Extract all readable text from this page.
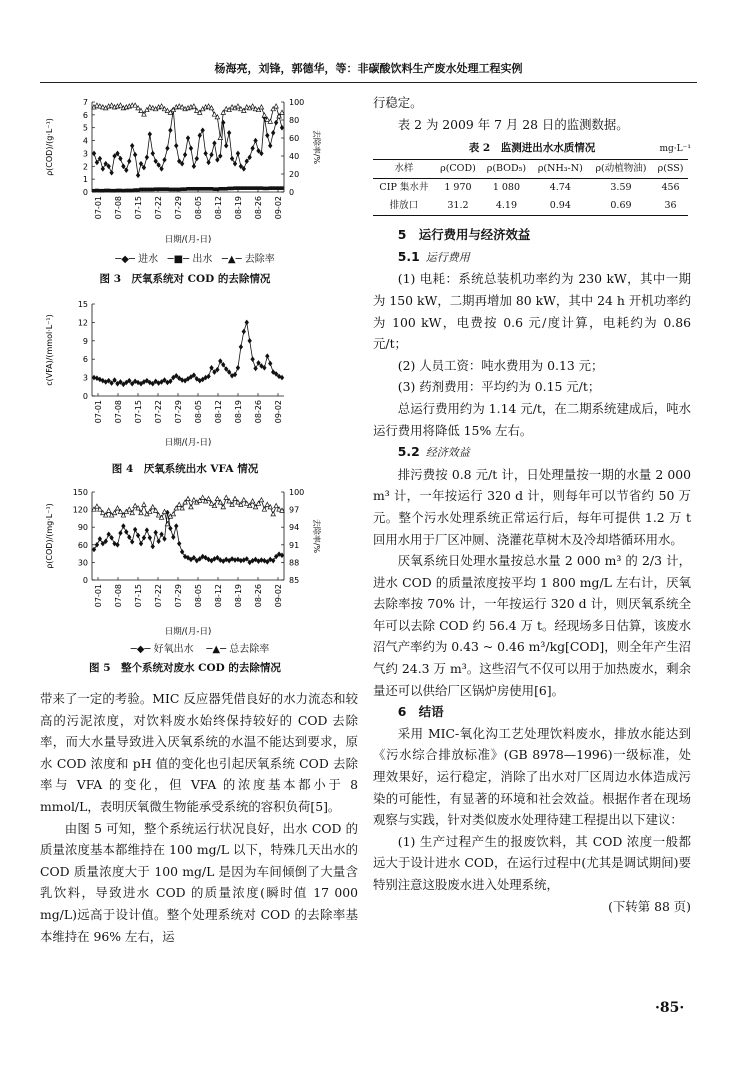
杨海亮，刘锋，郭德华，等：非碳酸饮料生产废水处理工程实例
0
1
2
3
4
5
6
7
0
20
40
60
80
100
07-01 07-08 07-15 07-22 07-29 08-05 08-12 08-19 08-26 09-02
ρ(COD)/(g·L⁻¹)	去除率/%
日期/(月-日)
─◆─ 进水 ─■─ 出水 ─▲─ 去除率
图 3　厌氧系统对 COD 的去除情况
0
3
6
9
12
15
07-01 07-08 07-15 07-22 07-29 08-05 08-12 08-19 08-26 09-02
c(VFA)/(mmol·L⁻¹)
日期/(月-日)
图 4　厌氧系统出水 VFA 情况
0
30
60
90
120
150
85
88
91
94
97
100
07-01 07-08 07-15 07-22 07-29 08-05 08-12 08-19 08-26 09-02
ρ(COD)/(mg·L⁻¹)	去除率/%
日期/(月-日)
─◆─ 好氧出水 ─▲─ 总去除率
图 5　整个系统对废水 COD 的去除情况

带来了一定的考验。MIC 反应器凭借良好的水力流态和较高的污泥浓度，对饮料废水始终保持较好的 COD 去除率，而大水量导致进入厌氧系统的水温不能达到要求，原水 COD 浓度和 pH 值的变化也引起厌氧系统 COD 去除率与 VFA 的变化，但 VFA 的浓度基本都小于 8 mmol/L，表明厌氧微生物能承受系统的容积负荷[5]。

由图 5 可知，整个系统运行状况良好，出水 COD 的质量浓度基本都维持在 100 mg/L 以下，特殊几天出水的 COD 质量浓度大于 100 mg/L 是因为车间倾倒了大量含乳饮料，导致进水 COD 的质量浓度(瞬时值 17 000 mg/L)远高于设计值。整个处理系统对 COD 的去除率基本维持在 96% 左右，运

行稳定。

表 2 为 2009 年 7 月 28 日的监测数据。

表 2　监测进出水水质情况	mg·L⁻¹
水样	ρ(COD)	ρ(BOD₅)	ρ(NH₃-N)	ρ(动植物油)	ρ(SS)
CIP 集水井	1 970	1 080	4.74	3.59	456
排放口	31.2	4.19	0.94	0.69	36

5　运行费用与经济效益

5.1 运行费用

(1) 电耗：系统总装机功率约为 230 kW，其中一期为 150 kW，二期再增加 80 kW，其中 24 h 开机功率约为 100 kW，电费按 0.6 元/度计算，电耗约为 0.86 元/t；

(2) 人员工资：吨水费用为 0.13 元；

(3) 药剂费用：平均约为 0.15 元/t；

总运行费用约为 1.14 元/t，在二期系统建成后，吨水运行费用将降低 15% 左右。

5.2 经济效益

排污费按 0.8 元/t 计，日处理量按一期的水量 2 000 m³ 计，一年按运行 320 d 计，则每年可以节省约 50 万元。整个污水处理系统正常运行后，每年可提供 1.2 万 t 回用水用于厂区冲厕、浇灌花草树木及冷却塔循环用水。

厌氧系统日处理水量按总水量 2 000 m³ 的 2/3 计，进水 COD 的质量浓度按平均 1 800 mg/L 左右计，厌氧去除率按 70% 计，一年按运行 320 d 计，则厌氧系统全年可以去除 COD 约 56.4 万 t。经现场多日估算，该废水沼气产率约为 0.43 ~ 0.46 m³/kg[COD]，则全年产生沼气约 24.3 万 m³。这些沼气不仅可以用于加热废水，剩余量还可以供给厂区锅炉房使用[6]。

6　结语

采用 MIC-氧化沟工艺处理饮料废水，排放水能达到《污水综合排放标准》(GB 8978—1996)一级标准，处理效果好，运行稳定，消除了出水对厂区周边水体造成污染的可能性，有显著的环境和社会效益。根据作者在现场观察与实践，针对类似废水处理待建工程提出以下建议：

(1) 生产过程产生的报废饮料，其 COD 浓度一般都远大于设计进水 COD，在运行过程中(尤其是调试期间)要特别注意这股废水进入处理系统，

(下转第 88 页)

·85·
